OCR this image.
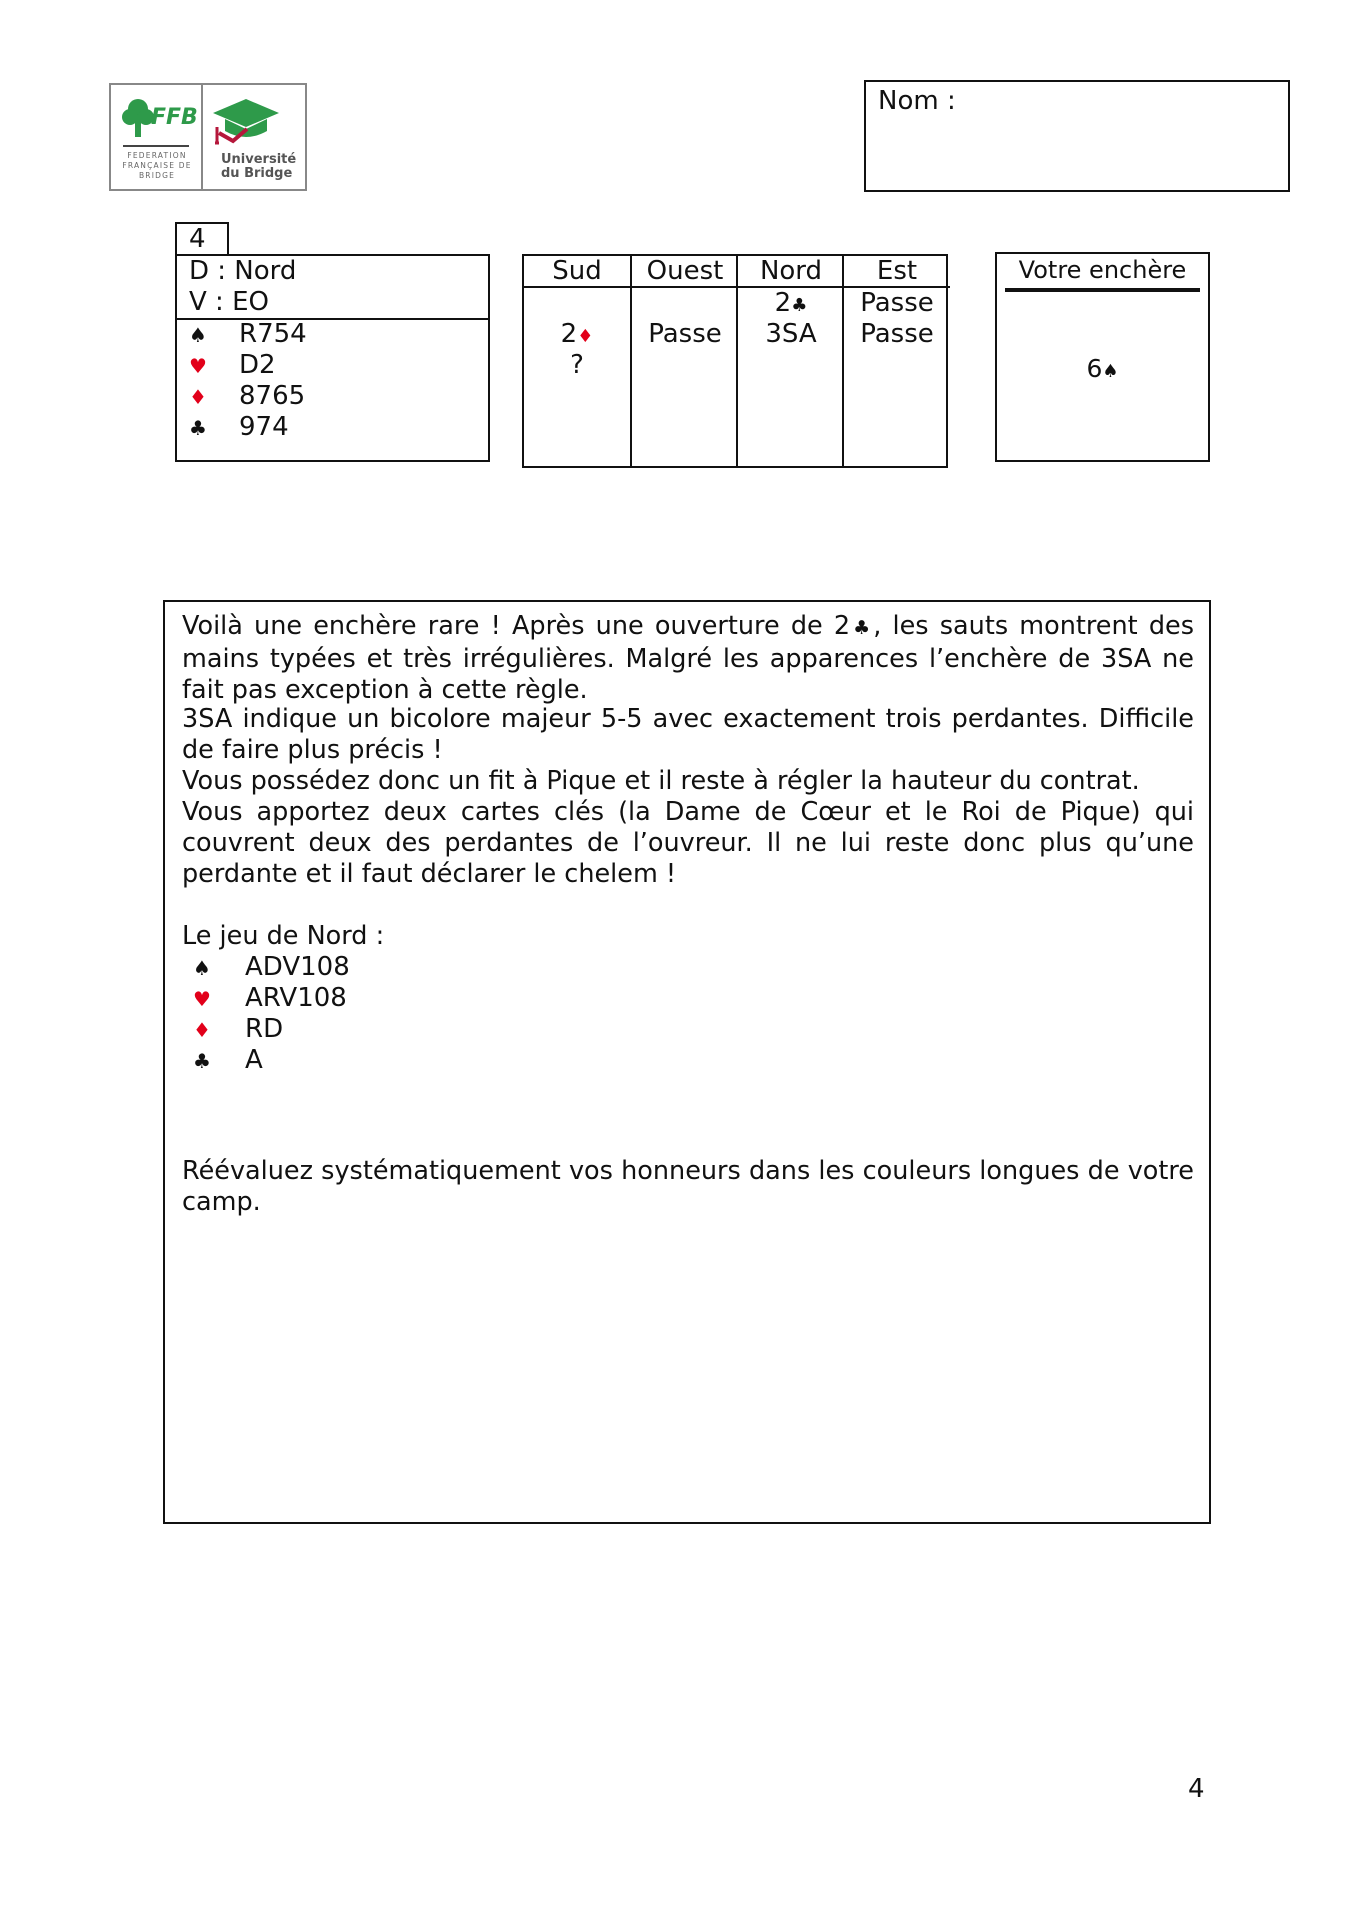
FFB
FEDERATION FRANÇAISE DE BRIDGE
Université
du Bridge
Nom :
4
D : Nord
V : EO
♠ R754
♥ D2
♦ 8765
♣ 974
Sud
2♦
?
Ouest
Passe
Nord
2♣
3SA
Est
Passe
Passe
Votre enchère
6♠
Voilà une enchère rare ! Après une ouverture de 2♣, les sauts montrent des mains typées et très irrégulières. Malgré les apparences l’enchère de 3SA ne fait pas exception à cette règle.
3SA indique un bicolore majeur 5-5 avec exactement trois perdantes. Difficile de faire plus précis !
Vous possédez donc un fit à Pique et il reste à régler la hauteur du contrat.
Vous apportez deux cartes clés (la Dame de Cœur et le Roi de Pique) qui couvrent deux des perdantes de l’ouvreur. Il ne lui reste donc plus qu’une perdante et il faut déclarer le chelem !
Le jeu de Nord :
♠ ADV108
♥ ARV108
♦ RD
♣ A
Réévaluez systématiquement vos honneurs dans les couleurs longues de votre camp.
4
